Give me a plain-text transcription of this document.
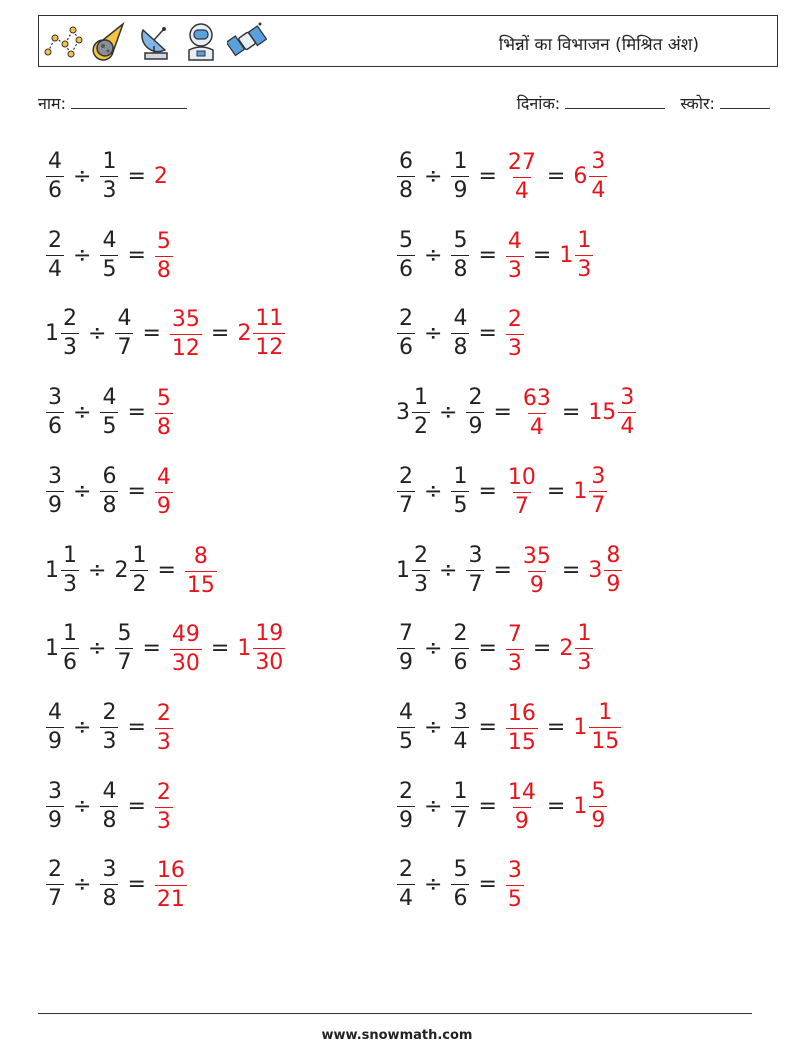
भिन्नों का विभाजन (मिश्रित अंश)
नाम:	दिनांक:	स्कोर:
$\frac{4}{6} \div \frac{1}{3} = 2$	$\frac{6}{8} \div \frac{1}{9} = \frac{27}{4} = 6 \frac{3}{4}$
$\frac{2}{4} \div \frac{4}{5} = \frac{5}{8}$	$\frac{5}{6} \div \frac{5}{8} = \frac{4}{3} = 1 \frac{1}{3}$
$1 \frac{2}{3} \div \frac{4}{7} = \frac{35}{12} = 2 \frac{11}{12}$	$\frac{2}{6} \div \frac{4}{8} = \frac{2}{3}$
$\frac{3}{6} \div \frac{4}{5} = \frac{5}{8}$	$3 \frac{1}{2} \div \frac{2}{9} = \frac{63}{4} = 15 \frac{3}{4}$
$\frac{3}{9} \div \frac{6}{8} = \frac{4}{9}$	$\frac{2}{7} \div \frac{1}{5} = \frac{10}{7} = 1 \frac{3}{7}$
$1 \frac{1}{3} \div 2 \frac{1}{2} = \frac{8}{15}$	$1 \frac{2}{3} \div \frac{3}{7} = \frac{35}{9} = 3 \frac{8}{9}$
$1 \frac{1}{6} \div \frac{5}{7} = \frac{49}{30} = 1 \frac{19}{30}$	$\frac{7}{9} \div \frac{2}{6} = \frac{7}{3} = 2 \frac{1}{3}$
$\frac{4}{9} \div \frac{2}{3} = \frac{2}{3}$	$\frac{4}{5} \div \frac{3}{4} = \frac{16}{15} = 1 \frac{1}{15}$
$\frac{3}{9} \div \frac{4}{8} = \frac{2}{3}$	$\frac{2}{9} \div \frac{1}{7} = \frac{14}{9} = 1 \frac{5}{9}$
$\frac{2}{7} \div \frac{3}{8} = \frac{16}{21}$	$\frac{2}{4} \div \frac{5}{6} = \frac{3}{5}$
www.snowmath.com
